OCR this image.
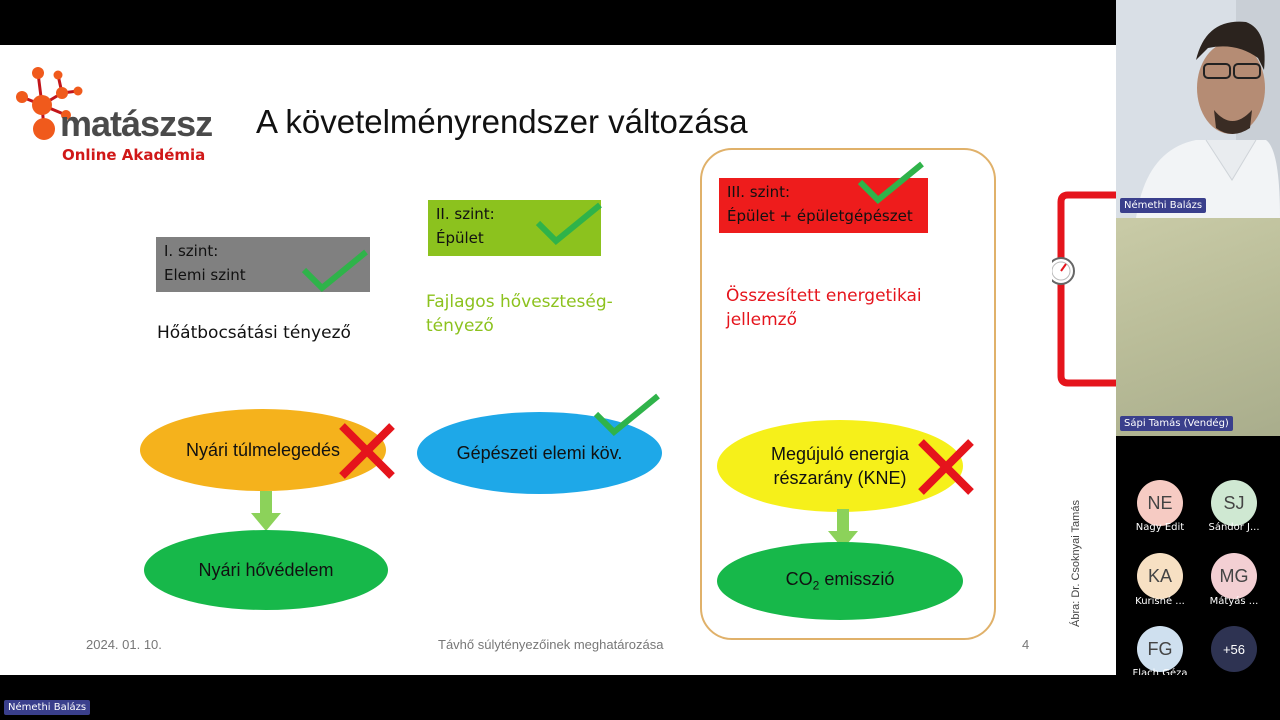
matászsz
Online Akadémia
A követelményrendszer változása
I. szint:
Elemi szint
Hőátbocsátási tényező
II. szint:
Épület
Fajlagos hőveszteség-
tényező
III. szint:
Épület + épületgépészet
Összesített energetikai
jellemző
Nyári túlmelegedés
Nyári hővédelem
Gépészeti elemi köv.	Megújuló energia
részarány (KNE)
$CO_2$ emisszió	Ábra: Dr. Csoknyai Tamás
2024. 01. 10.	Távhő súlytényezőinek meghatározása	4
Némethi Balázs
Sápi Tamás (Vendég)
NE
Nagy Edit
SJ
Sándor J...
KA
Kurisné ...
MG
Mátyás ...
FG
Flach Géza
+56
Némethi Balázs
